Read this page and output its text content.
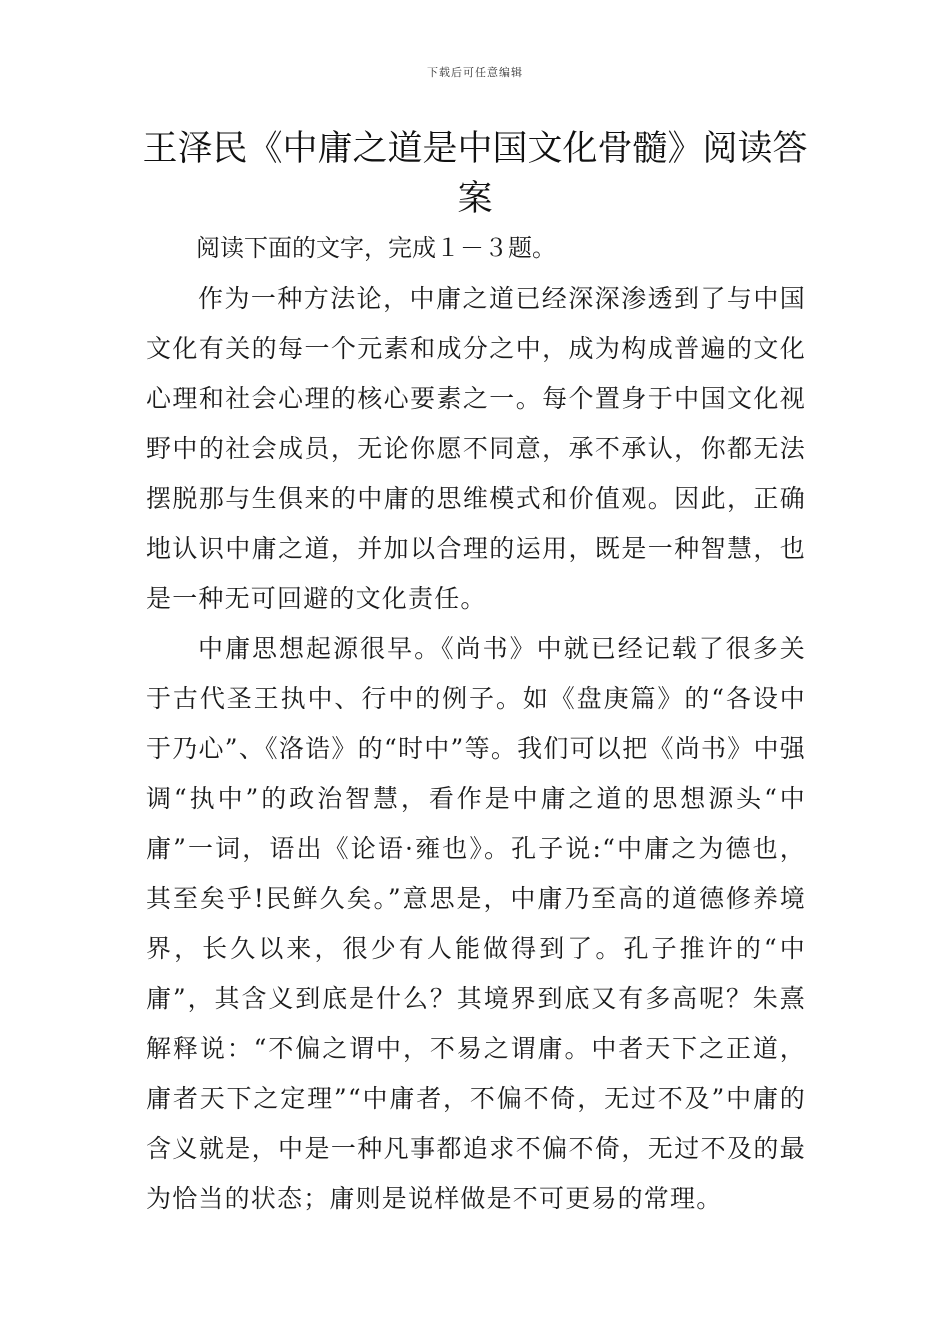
下载后可任意编辑
王泽民《中庸之道是中国文化骨髓》阅读答案

阅读下面的文字，完成１－３题。

作为一种方法论，中庸之道已经深深渗透到了与中国文化有关的每一个元素和成分之中，成为构成普遍的文化心理和社会心理的核心要素之一。每个置身于中国文化视野中的社会成员，无论你愿不同意，承不承认，你都无法摆脱那与生俱来的中庸的思维模式和价值观。因此，正确地认识中庸之道，并加以合理的运用，既是一种智慧，也是一种无可回避的文化责任。

中庸思想起源很早。《尚书》中就已经记载了很多关于古代圣王执中、行中的例子。如《盘庚篇》的“各设中于乃心”、《洛诰》的“时中”等。我们可以把《尚书》中强调“执中”的政治智慧，看作是中庸之道的思想源头“中庸”一词，语出《论语·雍也》。孔子说:“中庸之为德也，其至矣乎!民鲜久矣。”意思是，中庸乃至高的道德修养境界，长久以来，很少有人能做得到了。孔子推许的“中庸”，其含义到底是什么？其境界到底又有多高呢？朱熹解释说：“不偏之谓中，不易之谓庸。中者天下之正道，庸者天下之定理”“中庸者，不偏不倚，无过不及”中庸的含义就是，中是一种凡事都追求不偏不倚，无过不及的最为恰当的状态；庸则是说样做是不可更易的常理。
